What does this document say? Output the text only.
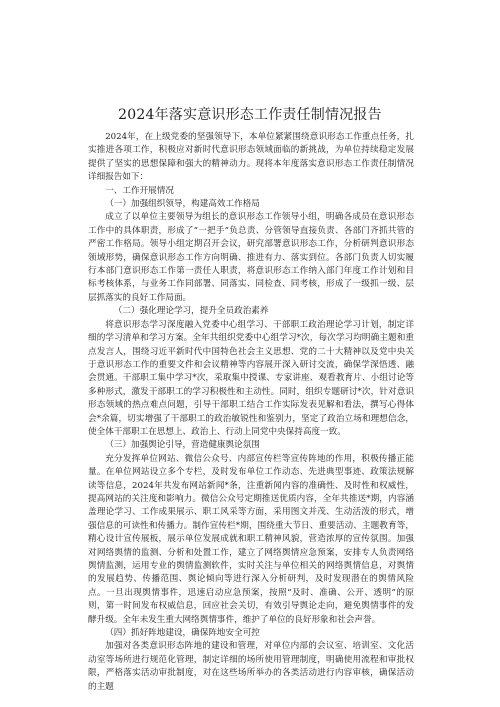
2024年落实意识形态工作责任制情况报告

2024年，在上级党委的坚强领导下，本单位紧紧围绕意识形态工作重点任务，扎实推进各项工作，积极应对新时代意识形态领域面临的新挑战，为单位持续稳定发展提供了坚实的思想保障和强大的精神动力。现将本年度落实意识形态工作责任制情况详细报告如下：

一、工作开展情况

（一）加强组织领导，构建高效工作格局

成立了以单位主要领导为组长的意识形态工作领导小组，明确各成员在意识形态工作中的具体职责，形成了“一把手”负总责、分管领导直接负责、各部门齐抓共管的严密工作格局。领导小组定期召开会议，研究部署意识形态工作，分析研判意识形态领域形势，确保意识形态工作方向明确、推进有力、落实到位。各部门负责人切实履行本部门意识形态工作第一责任人职责，将意识形态工作纳入部门年度工作计划和目标考核体系，与业务工作同部署、同落实、同检查、同考核，形成了一级抓一级、层层抓落实的良好工作局面。

（二）强化理论学习，提升全员政治素养

将意识形态学习深度融入党委中心组学习、干部职工政治理论学习计划，制定详细的学习清单和学习方案。全年共组织党委中心组学习*次，每次学习均明确主题和重点发言人，围绕习近平新时代中国特色社会主义思想、党的二十大精神以及党中央关于意识形态工作的重要文件和会议精神等内容展开深入研讨交流，确保学深悟透、融会贯通。干部职工集中学习*次，采取集中授课、专家讲座、观看教育片、小组讨论等多种形式，激发干部职工的学习积极性和主动性。同时，组织专题研讨*次，针对意识形态领域的热点难点问题，引导干部职工结合工作实际发表见解和看法，撰写心得体会*余篇，切实增强了干部职工的政治敏锐性和鉴别力，坚定了政治立场和理想信念，使全体干部职工在思想上、政治上、行动上同党中央保持高度一致。

（三）加强舆论引导，营造健康舆论氛围

充分发挥单位网站、微信公众号、内部宣传栏等宣传阵地的作用，积极传播正能量。在单位网站设立多个专栏，及时发布单位工作动态、先进典型事迹、政策法规解读等信息，2024年共发布网站新闻*条，注重新闻内容的准确性、及时性和权威性，提高网站的关注度和影响力。微信公众号定期推送优质内容，全年共推送*期，内容涵盖理论学习、工作成果展示、职工风采等方面，采用图文并茂、生动活泼的形式，增强信息的可读性和传播力。制作宣传栏*期，围绕重大节日、重要活动、主题教育等，精心设计宣传展板，展示单位发展成就和职工精神风貌，营造浓厚的宣传氛围。加强对网络舆情的监测、分析和处置工作，建立了网络舆情应急预案，安排专人负责网络舆情监测，运用专业的舆情监测软件，实时关注与单位相关的网络舆情信息，对舆情的发展趋势、传播范围、舆论倾向等进行深入分析研判，及时发现潜在的舆情风险点。一旦出现舆情事件，迅速启动应急预案，按照“及时、准确、公开、透明”的原则，第一时间发布权威信息，回应社会关切，有效引导舆论走向，避免舆情事件的发酵升级。全年未发生重大网络舆情事件，维护了单位的良好形象和社会声誉。

（四）抓好阵地建设，确保阵地安全可控

加强对各类意识形态阵地的建设和管理，对单位内部的会议室、培训室、文化活动室等场所进行规范化管理，制定详细的场所使用管理制度，明确使用流程和审批权限，严格落实活动审批制度，对在这些场所举办的各类活动进行内容审核，确保活动的主题
